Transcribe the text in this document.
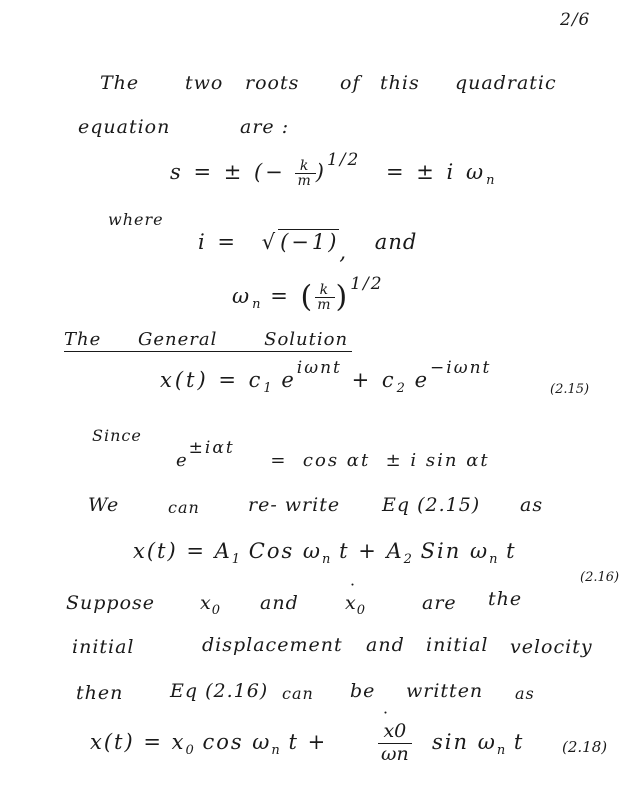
2/6
The two roots of this quadratic
equation	are :
s = ± (− $\frac{k}{m} )^{1/2}$ = ± i $\omega_n$
where
i = √(−1), and
$\omega_n$ = ( $\frac{k}{m} )^{1/2}$
The General	Solution
$x(t) = c_1$ $e^{i\omega nt} + c_2$ $e^{-i\omega nt}$
(2.15)
Since
$e^{\pm i\alpha t} = \cos \alpha t \pm i$ sin αt
We	can	re- write Eq (2.15) as
$x(t) = A_1$ Cos $\omega_n$ $t + A_2$ Sin $\omega_n$ t
(2.16)
Suppose $x_0$ and ˙ $x_0$	are the
initial	displacement and initial velocity
then Eq (2.16) can be written as
$x(t) = x_0$ $\cos \omega_n$ t +	˙ $\frac{x0}{\omega n}$ $\sin \omega_n$ t	(2.18)
